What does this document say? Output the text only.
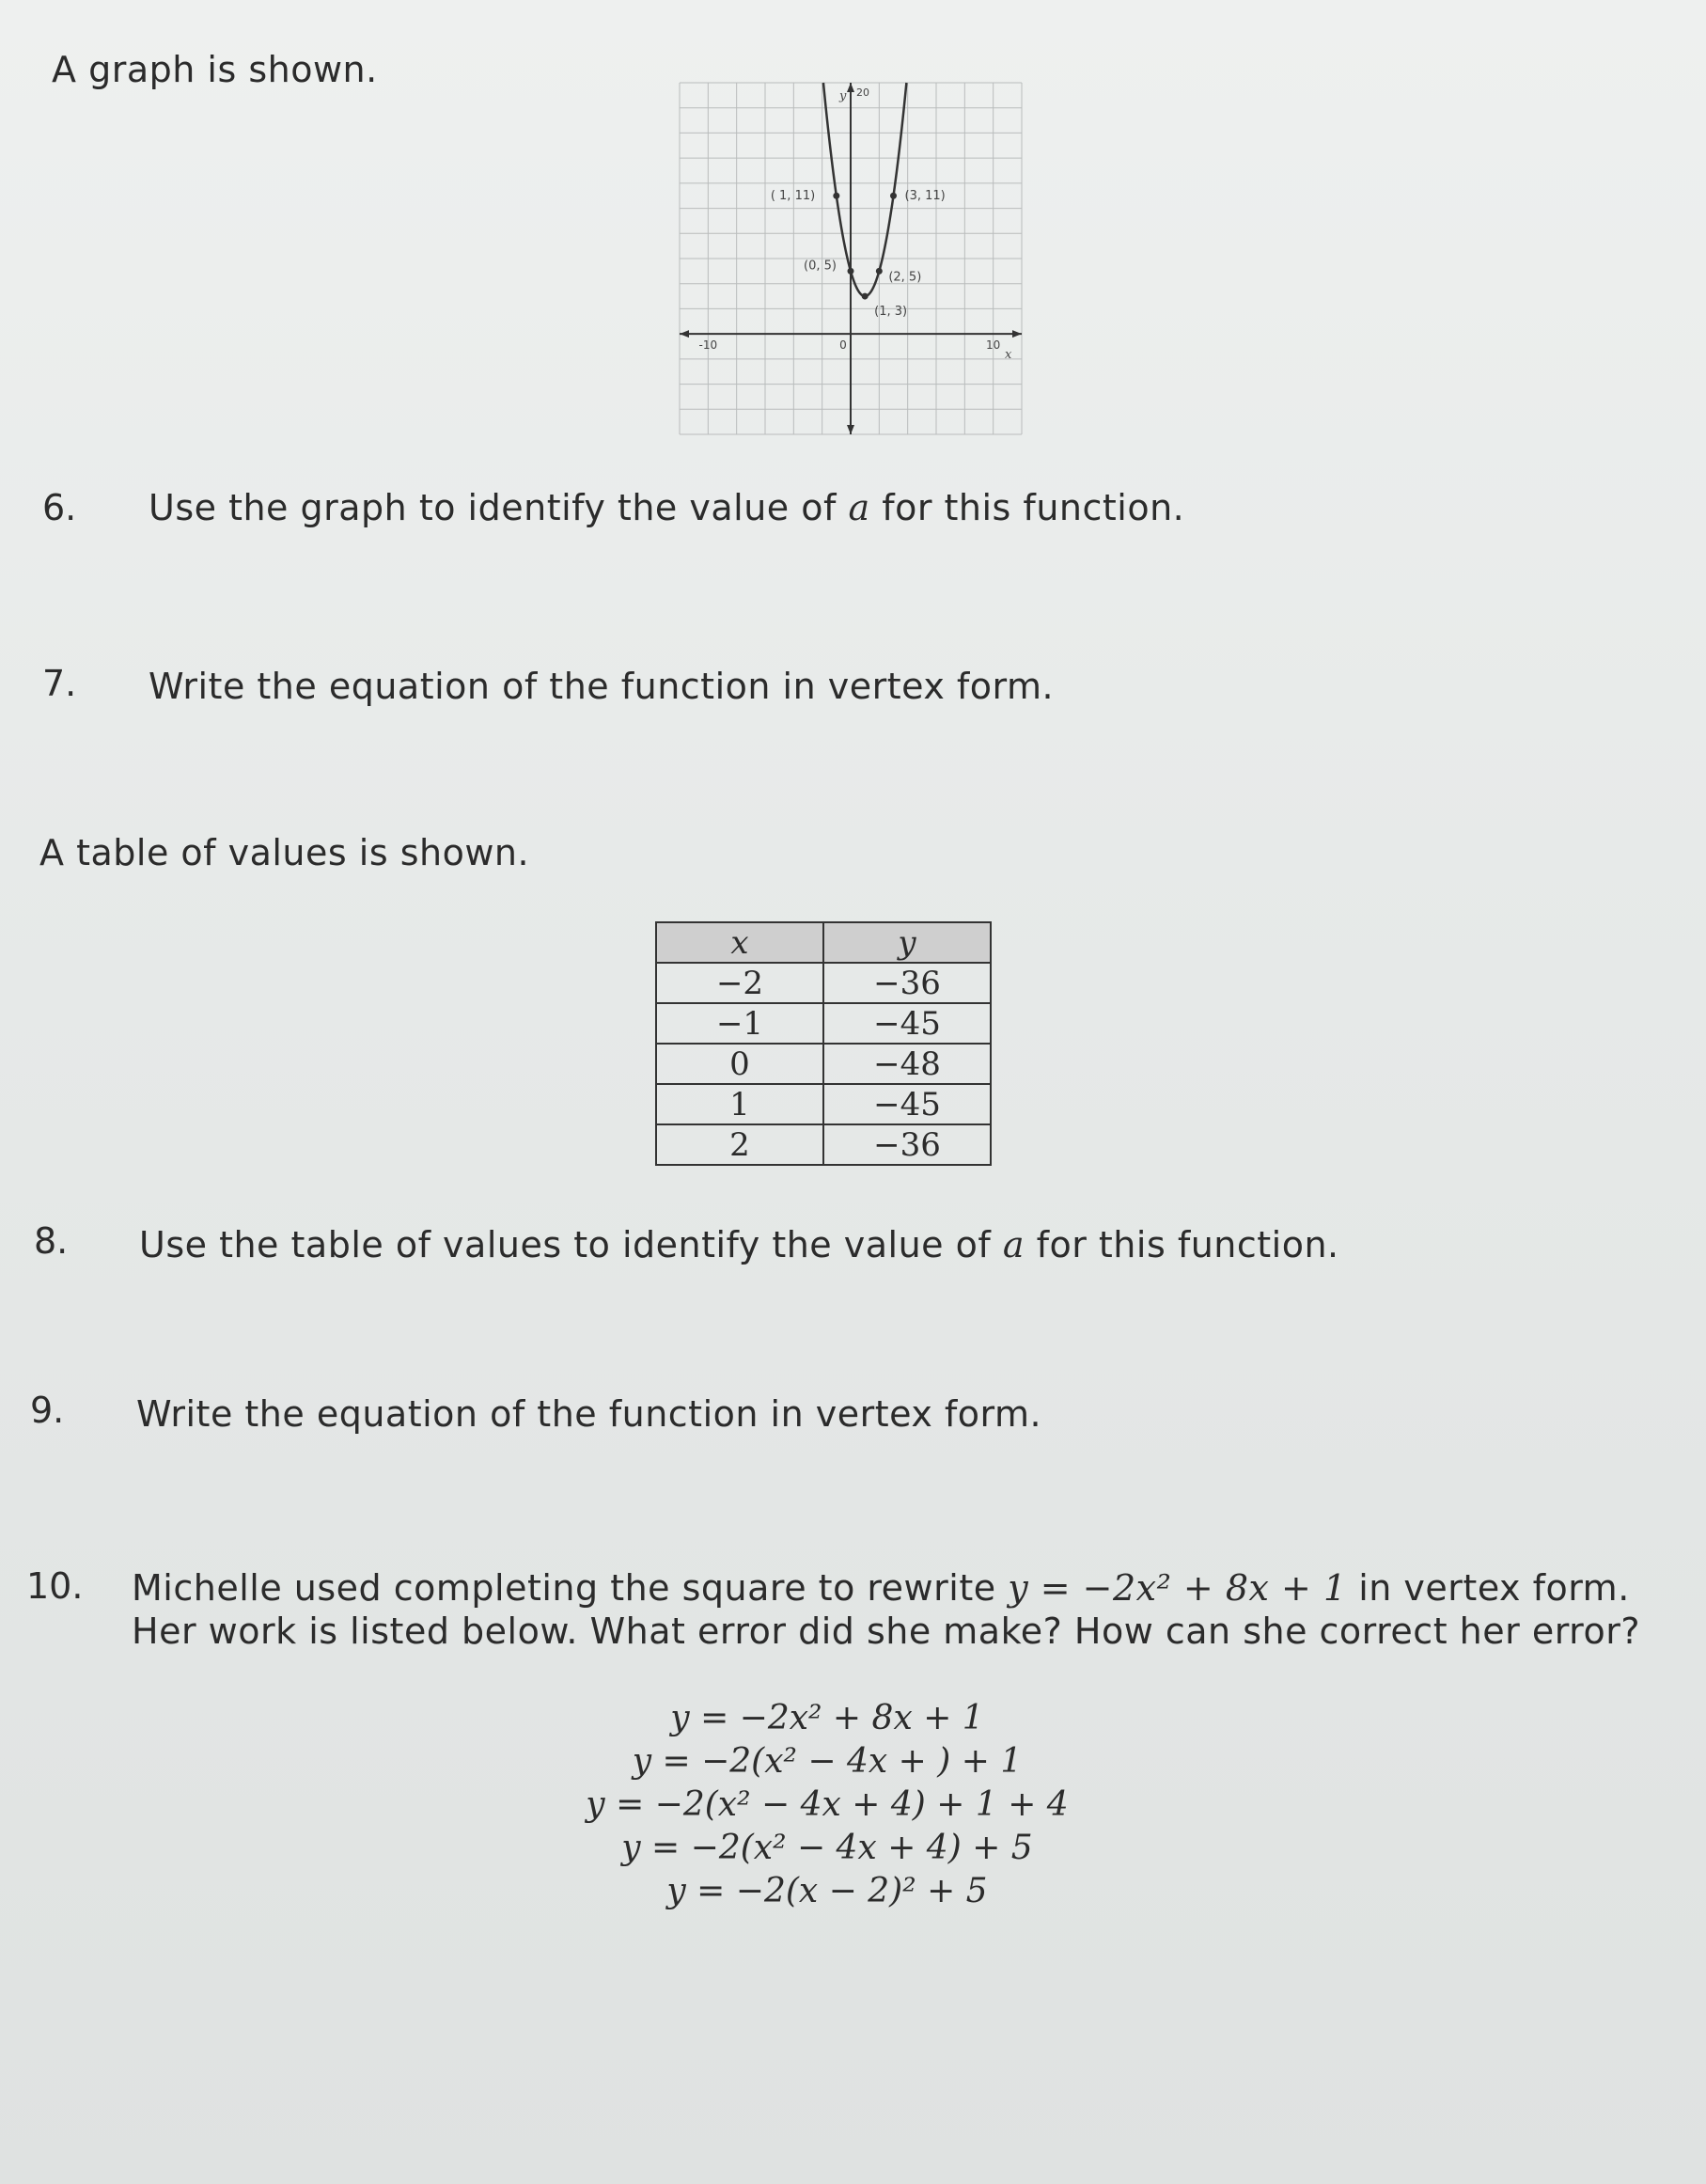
A graph is shown.
-10	0	10
20
x
y
( 1, 11)	(3, 11)
(0, 5)
(2, 5)
(1, 3)
6. Use the graph to identify the value of a for this function.
7. Write the equation of the function in vertex form.
A table of values is shown.
x	y
−2	−36
−1	−45
0	−48
1	−45
2	−36
8. Use the table of values to identify the value of a for this function.
9. Write the equation of the function in vertex form.
10. Michelle used completing the square to rewrite y = −2x² + 8x + 1 in vertex form.
Her work is listed below. What error did she make? How can she correct her error?
y = −2x² + 8x + 1
y = −2(x² − 4x + ) + 1
y = −2(x² − 4x + 4) + 1 + 4
y = −2(x² − 4x + 4) + 5
y = −2(x − 2)² + 5
